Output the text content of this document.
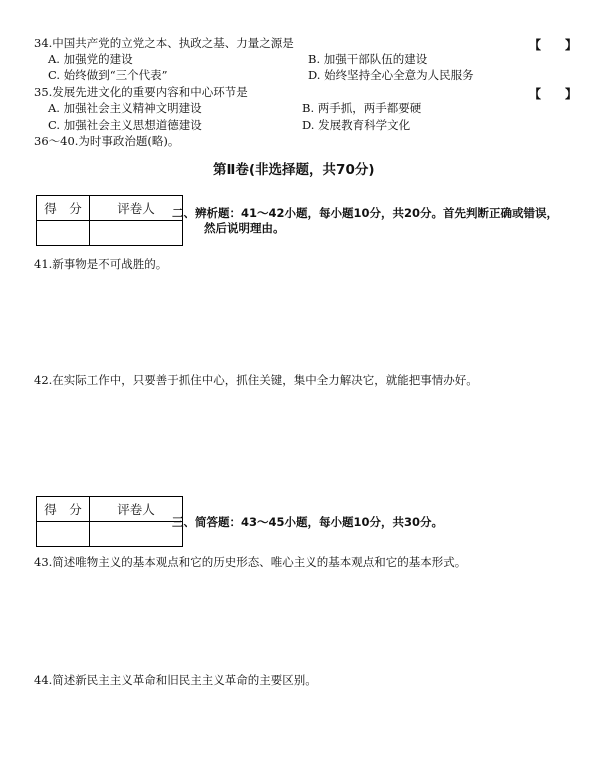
34.中国共产党的立党之本、执政之基、力量之源是	【　　】
A. 加强党的建设	B. 加强干部队伍的建设
C. 始终做到“三个代表”	D. 始终坚持全心全意为人民服务
35.发展先进文化的重要内容和中心环节是	【　　】
A. 加强社会主义精神文明建设	B. 两手抓，两手都要硬
C. 加强社会主义思想道德建设	D. 发展教育科学文化
36～40.为时事政治题(略)。
第Ⅱ卷(非选择题，共70分)
得　分	评卷人
	二、辨析题：41～42小题，每小题10分，共20分。首先判断正确或错误，
然后说明理由。
41.新事物是不可战胜的。
42.在实际工作中，只要善于抓住中心，抓住关键，集中全力解决它，就能把事情办好。
得　分	评卷人

三、简答题：43～45小题，每小题10分，共30分。
43.简述唯物主义的基本观点和它的历史形态、唯心主义的基本观点和它的基本形式。
44.简述新民主主义革命和旧民主主义革命的主要区别。
